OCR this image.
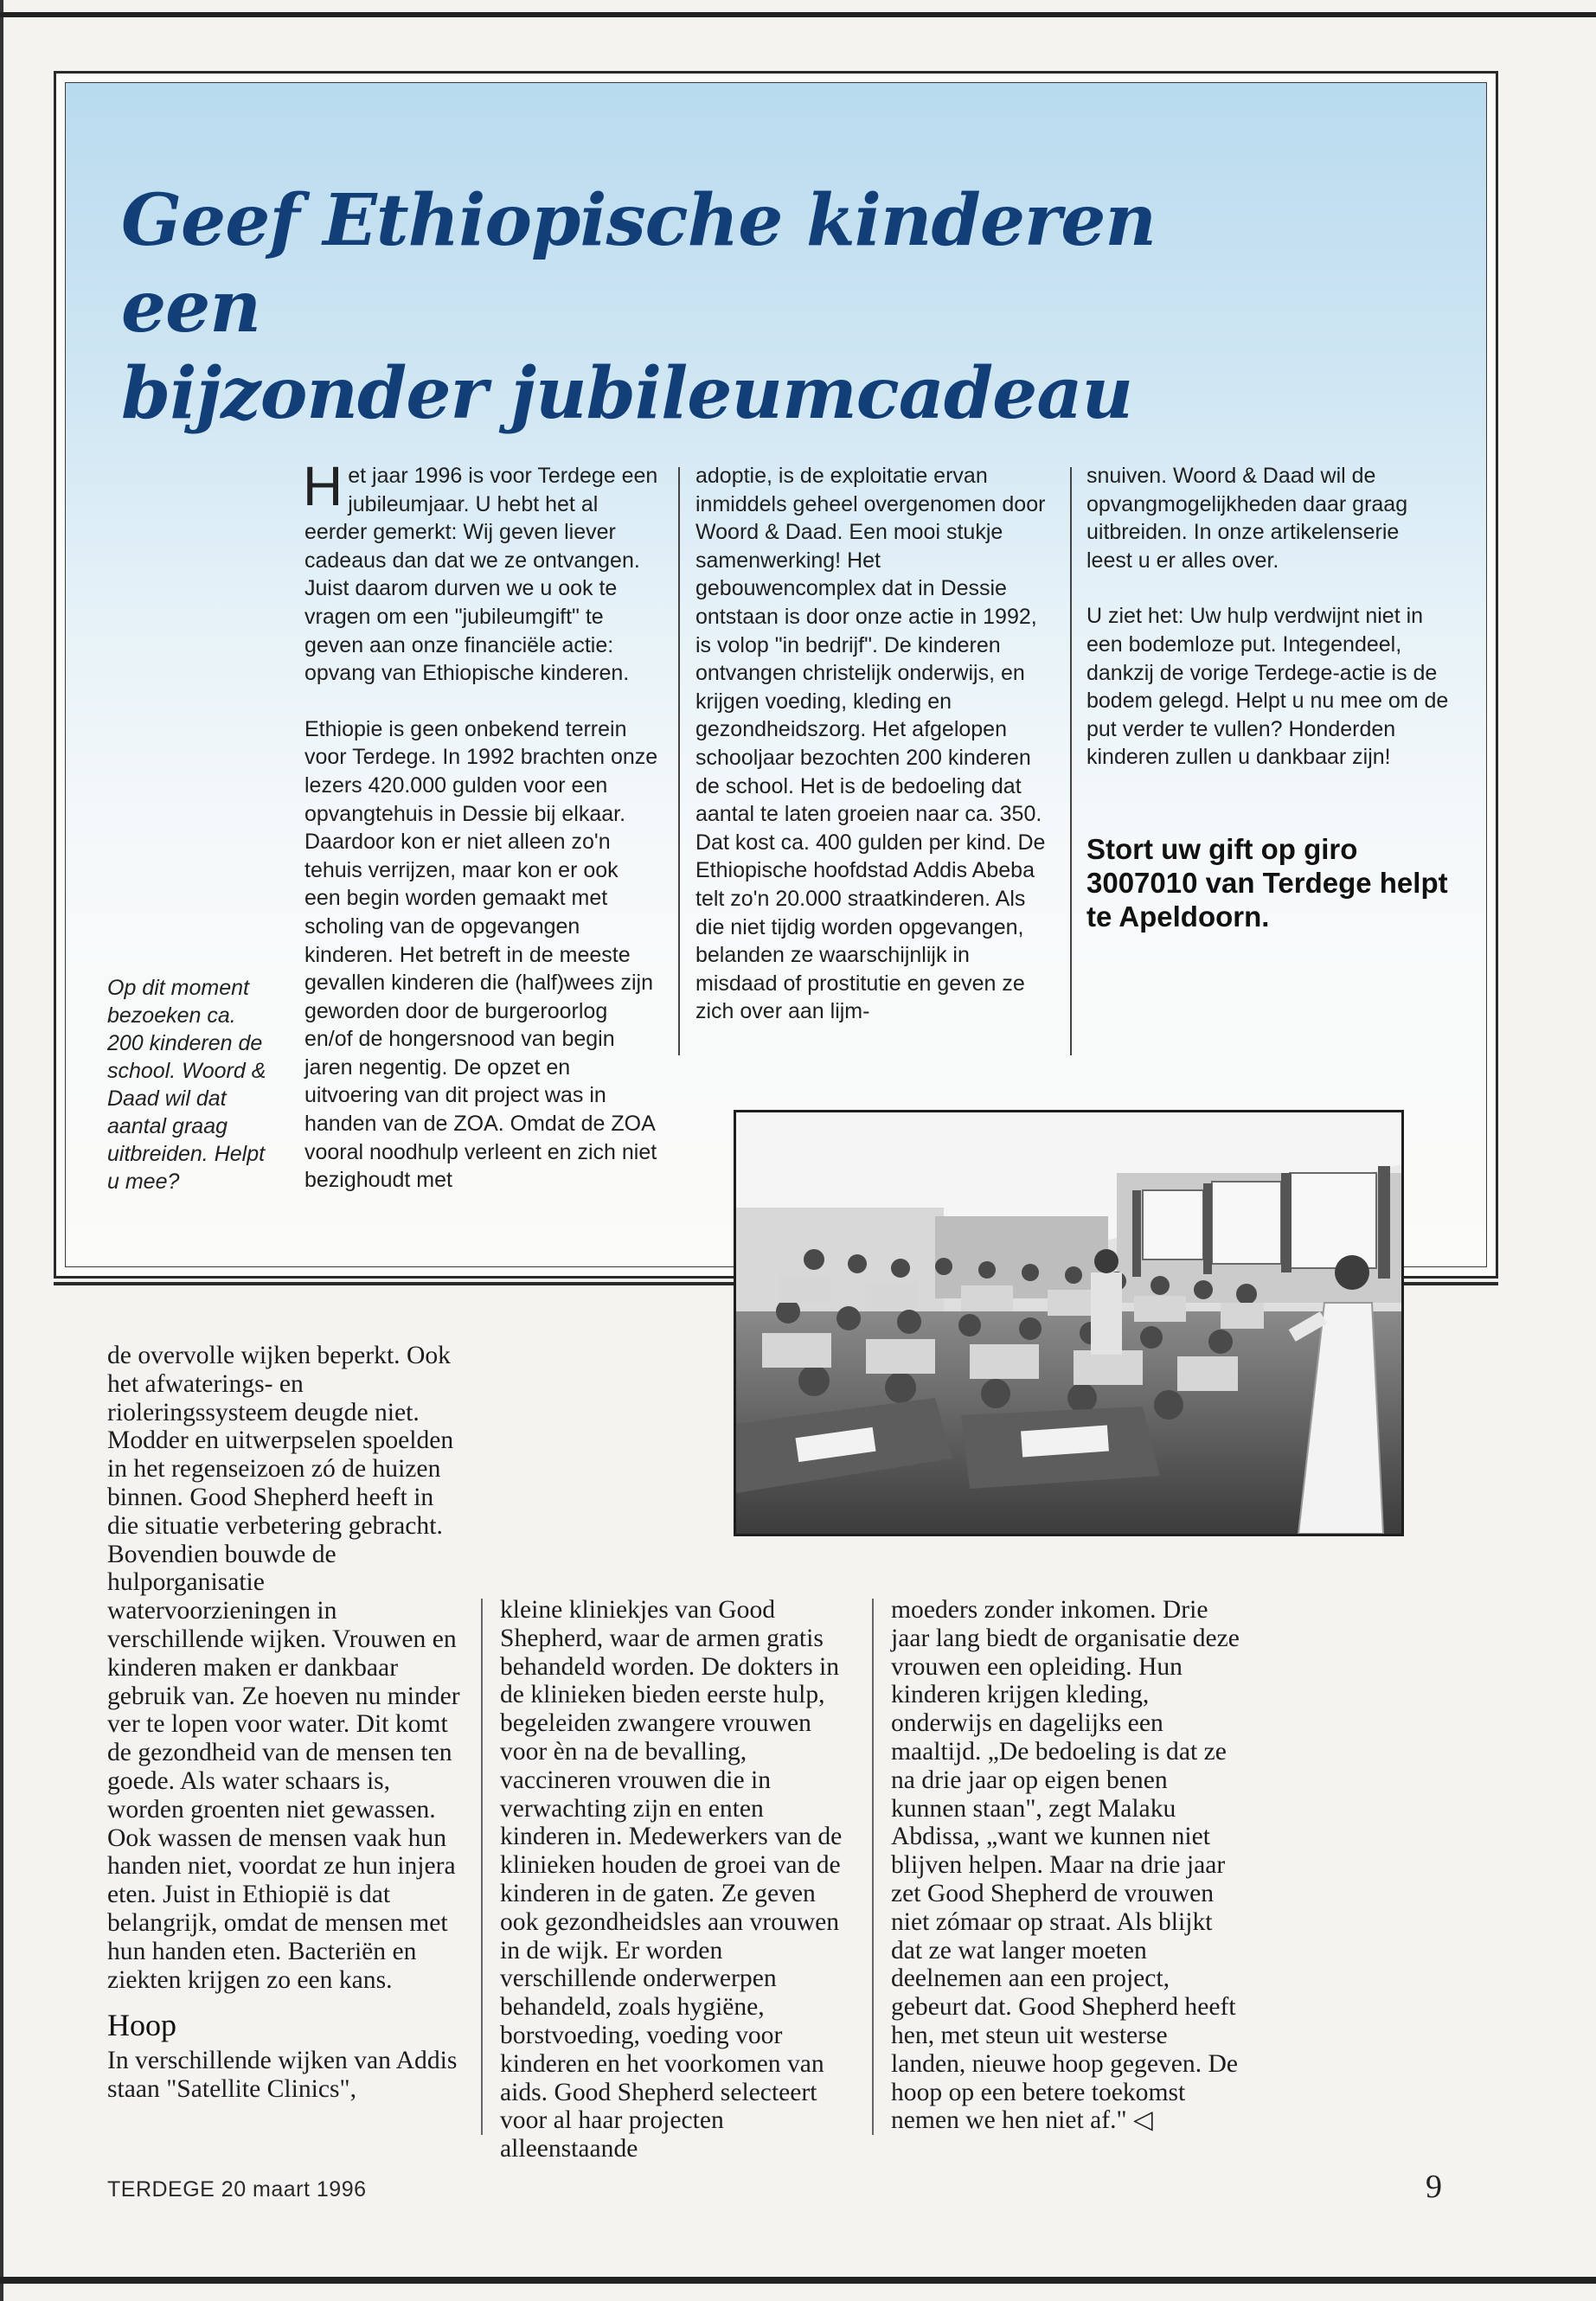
Geef Ethiopische kinderen een
bijzonder jubileumcadeau

Op dit moment bezoeken ca. 200 kinderen de school. Woord & Daad wil dat aantal graag uitbreiden. Helpt u mee?

Het jaar 1996 is voor Terdege een jubileumjaar. U hebt het al eerder gemerkt: Wij geven liever cadeaus dan dat we ze ontvangen. Juist daarom durven we u ook te vragen om een "jubileumgift" te geven aan onze financiële actie: opvang van Ethiopische kinderen.

Ethiopie is geen onbekend terrein voor Terdege. In 1992 brachten onze lezers 420.000 gulden voor een opvangtehuis in Dessie bij elkaar. Daardoor kon er niet alleen zo'n tehuis verrijzen, maar kon er ook een begin worden gemaakt met scholing van de opgevangen kinderen. Het betreft in de meeste gevallen kinderen die (half)wees zijn geworden door de burgeroorlog en/of de hongersnood van begin jaren negentig. De opzet en uitvoering van dit project was in handen van de ZOA. Omdat de ZOA vooral noodhulp verleent en zich niet bezighoudt met

adoptie, is de exploitatie ervan inmiddels geheel overgenomen door Woord & Daad. Een mooi stukje samenwerking! Het gebouwencomplex dat in Dessie ontstaan is door onze actie in 1992, is volop "in bedrijf". De kinderen ontvangen christelijk onderwijs, en krijgen voeding, kleding en gezondheidszorg. Het afgelopen schooljaar bezochten 200 kinderen de school. Het is de bedoeling dat aantal te laten groeien naar ca. 350. Dat kost ca. 400 gulden per kind. De Ethiopische hoofdstad Addis Abeba telt zo'n 20.000 straatkinderen. Als die niet tijdig worden opgevangen, belanden ze waarschijnlijk in misdaad of prostitutie en geven ze zich over aan lijm-

snuiven. Woord & Daad wil de opvangmogelijkheden daar graag uitbreiden. In onze artikelenserie leest u er alles over.

U ziet het: Uw hulp verdwijnt niet in een bodemloze put. Integendeel, dankzij de vorige Terdege-actie is de bodem gelegd. Helpt u nu mee om de put verder te vullen? Honderden kinderen zullen u dankbaar zijn!

Stort uw gift op giro 3007010 van Terdege helpt te Apeldoorn.

de overvolle wijken beperkt. Ook het afwaterings- en rioleringssysteem deugde niet. Modder en uitwerpselen spoelden in het regenseizoen zó de huizen binnen. Good Shepherd heeft in die situatie verbetering gebracht. Bovendien bouwde de hulporganisatie watervoorzieningen in verschillende wijken. Vrouwen en kinderen maken er dankbaar gebruik van. Ze hoeven nu minder ver te lopen voor water. Dit komt de gezondheid van de mensen ten goede. Als water schaars is, worden groenten niet gewassen. Ook wassen de mensen vaak hun handen niet, voordat ze hun injera eten. Juist in Ethiopië is dat belangrijk, omdat de mensen met hun handen eten. Bacteriën en ziekten krijgen zo een kans.

Hoop

In verschillende wijken van Addis staan "Satellite Clinics",

kleine kliniekjes van Good Shepherd, waar de armen gratis behandeld worden. De dokters in de klinieken bieden eerste hulp, begeleiden zwangere vrouwen voor èn na de bevalling, vaccineren vrouwen die in verwachting zijn en enten kinderen in. Medewerkers van de klinieken houden de groei van de kinderen in de gaten. Ze geven ook gezondheidsles aan vrouwen in de wijk. Er worden verschillende onderwerpen behandeld, zoals hygiëne, borstvoeding, voeding voor kinderen en het voorkomen van aids. Good Shepherd selecteert voor al haar projecten alleenstaande

moeders zonder inkomen. Drie jaar lang biedt de organisatie deze vrouwen een opleiding. Hun kinderen krijgen kleding, onderwijs en dagelijks een maaltijd. „De bedoeling is dat ze na drie jaar op eigen benen kunnen staan", zegt Malaku Abdissa, „want we kunnen niet blijven helpen. Maar na drie jaar zet Good Shepherd de vrouwen niet zómaar op straat. Als blijkt dat ze wat langer moeten deelnemen aan een project, gebeurt dat. Good Shepherd heeft hen, met steun uit westerse landen, nieuwe hoop gegeven. De hoop op een betere toekomst nemen we hen niet af." ◁

TERDEGE 20 maart 1996	9
